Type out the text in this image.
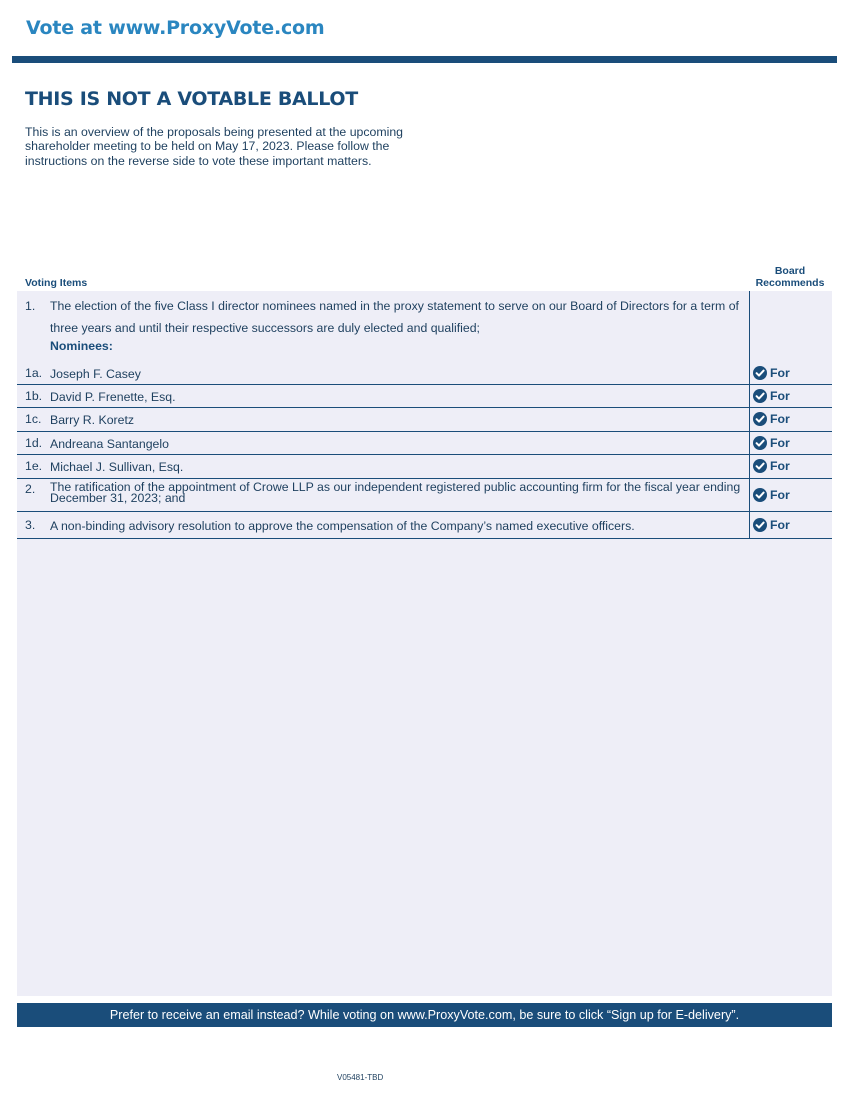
Vote at www.ProxyVote.com
THIS IS NOT A VOTABLE BALLOT

This is an overview of the proposals being presented at the upcoming shareholder meeting to be held on May 17, 2023. Please follow the instructions on the reverse side to vote these important matters.

Voting Items
Board
Recommends
1. The election of the five Class I director nominees named in the proxy statement to serve on our Board of Directors for a term of three years and until their respective successors are duly elected and qualified;
Nominees:
1a. Joseph F. Casey	For
1b. David P. Frenette, Esq.	For
1c. Barry R. Koretz	For
1d. Andreana Santangelo	For
1e. Michael J. Sullivan, Esq.	For
2. The ratification of the appointment of Crowe LLP as our independent registered public accounting firm for the fiscal year ending December 31, 2023; and	For
3. A non-binding advisory resolution to approve the compensation of the Company’s named executive officers.	For
Prefer to receive an email instead? While voting on www.ProxyVote.com, be sure to click “Sign up for E-delivery”.
V05481-TBD
